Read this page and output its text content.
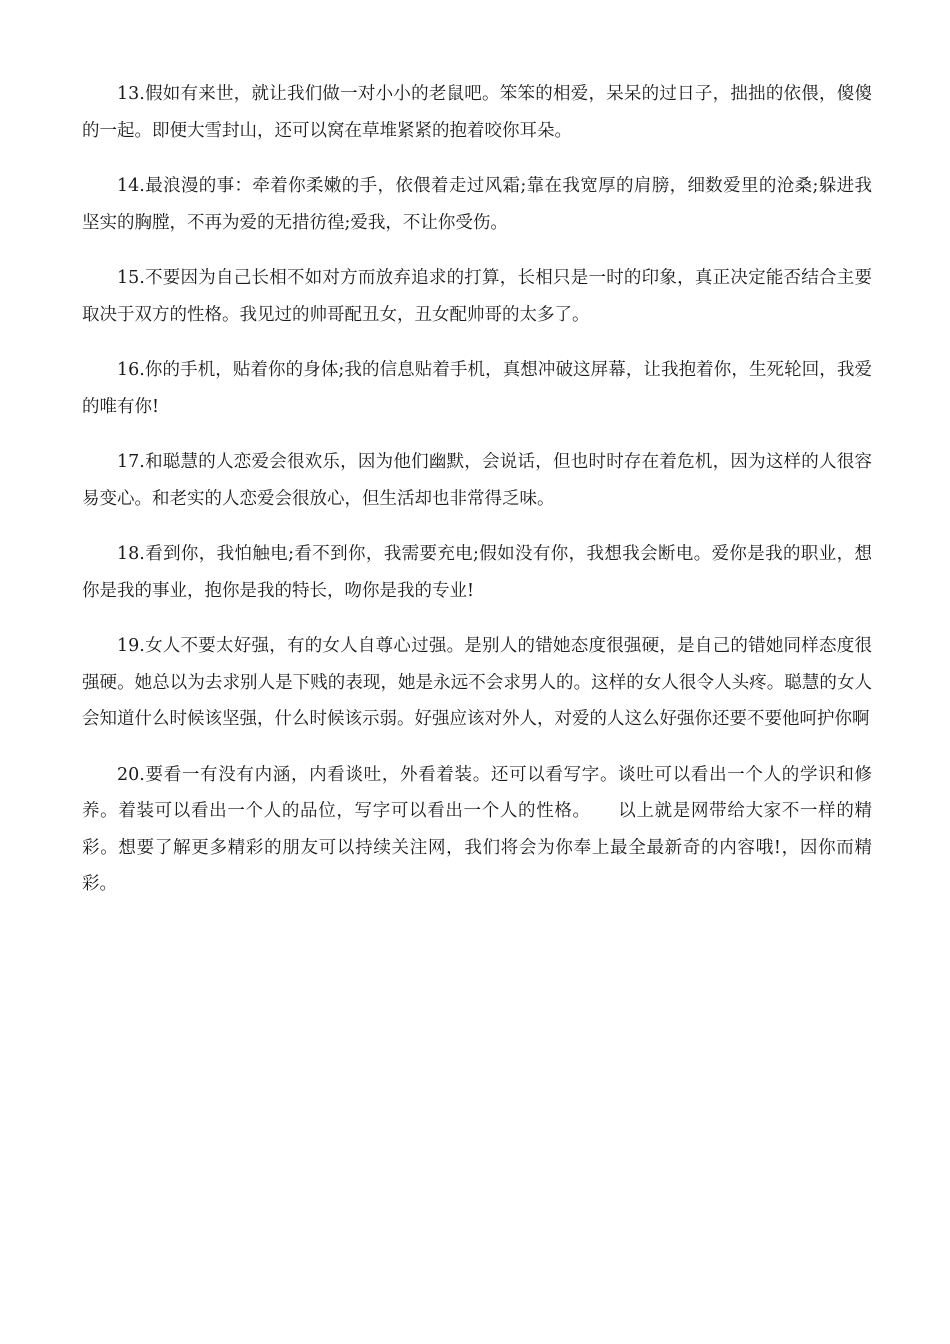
13.假如有来世，就让我们做一对小小的老鼠吧。笨笨的相爱，呆呆的过日子，拙拙的依偎，傻傻的一起。即便大雪封山，还可以窝在草堆紧紧的抱着咬你耳朵。

14.最浪漫的事：牵着你柔嫩的手，依偎着走过风霜;靠在我宽厚的肩膀，细数爱里的沧桑;躲进我坚实的胸膛，不再为爱的无措彷徨;爱我，不让你受伤。

15.不要因为自己长相不如对方而放弃追求的打算，长相只是一时的印象，真正决定能否结合主要取决于双方的性格。我见过的帅哥配丑女，丑女配帅哥的太多了。

16.你的手机，贴着你的身体;我的信息贴着手机，真想冲破这屏幕，让我抱着你，生死轮回，我爱的唯有你!

17.和聪慧的人恋爱会很欢乐，因为他们幽默，会说话，但也时时存在着危机，因为这样的人很容易变心。和老实的人恋爱会很放心，但生活却也非常得乏味。

18.看到你，我怕触电;看不到你，我需要充电;假如没有你，我想我会断电。爱你是我的职业，想你是我的事业，抱你是我的特长，吻你是我的专业!

19.女人不要太好强，有的女人自尊心过强。是别人的错她态度很强硬，是自己的错她同样态度很强硬。她总以为去求别人是下贱的表现，她是永远不会求男人的。这样的女人很令人头疼。聪慧的女人会知道什么时候该坚强，什么时候该示弱。好强应该对外人，对爱的人这么好强你还要不要他呵护你啊

20.要看一有没有内涵，内看谈吐，外看着装。还可以看写字。谈吐可以看出一个人的学识和修养。着装可以看出一个人的品位，写字可以看出一个人的性格。　　以上就是网带给大家不一样的精彩。想要了解更多精彩的朋友可以持续关注网，我们将会为你奉上最全最新奇的内容哦!，因你而精彩。
